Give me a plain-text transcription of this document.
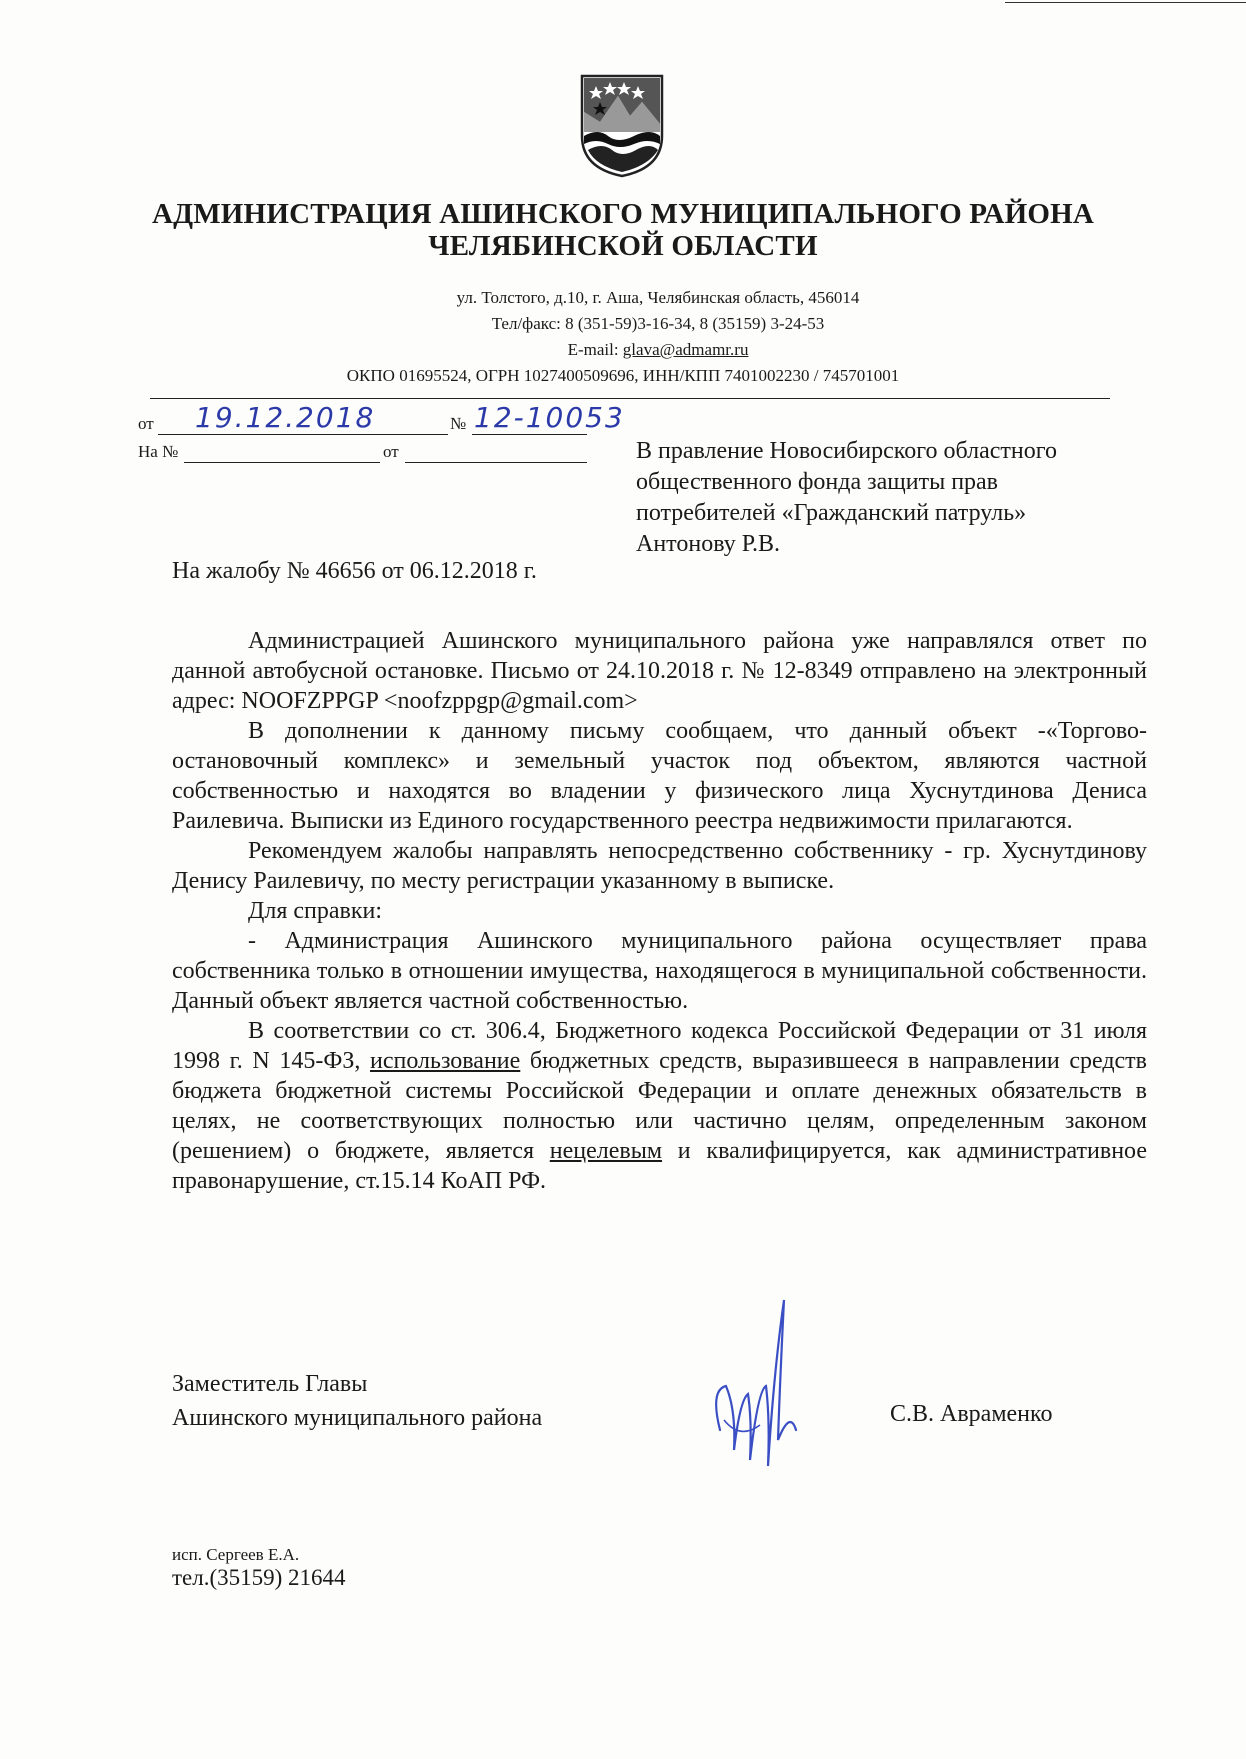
АДМИНИСТРАЦИЯ АШИНСКОГО МУНИЦИПАЛЬНОГО РАЙОНА
ЧЕЛЯБИНСКОЙ ОБЛАСТИ
ул. Толстого, д.10, г. Аша, Челябинская область, 456014
Тел/факс: 8 (351-59)3-16-34, 8 (35159) 3-24-53
E-mail: glava@admamr.ru
ОКПО 01695524, ОГРН 1027400509696, ИНН/КПП 7401002230 / 745701001
от 19.12.2018	№ 12-10053
На №	от	В правление Новосибирского областного
общественного фонда защиты прав
потребителей «Гражданский патруль»
Антонову Р.В.
На жалобу № 46656 от 06.12.2018 г.

Администрацией Ашинского муниципального района уже направлялся ответ по данной автобусной остановке. Письмо от 24.10.2018 г. № 12-8349 отправлено на электронный адрес: NOOFZPPGP <noofzppgp@gmail.com>

В дополнении к данному письму сообщаем, что данный объект -«Торгово-остановочный комплекс» и земельный участок под объектом, являются частной собственностью и находятся во владении у физического лица Хуснутдинова Дениса Раилевича. Выписки из Единого государственного реестра недвижимости прилагаются.

Рекомендуем жалобы направлять непосредственно собственнику - гр. Хуснутдинову Денису Раилевичу, по месту регистрации указанному в выписке.

Для справки:

- Администрация Ашинского муниципального района осуществляет права собственника только в отношении имущества, находящегося в муниципальной собственности. Данный объект является частной собственностью.

В соответствии со ст. 306.4, Бюджетного кодекса Российской Федерации от 31 июля 1998 г. N 145-ФЗ, использование бюджетных средств, выразившееся в направлении средств бюджета бюджетной системы Российской Федерации и оплате денежных обязательств в целях, не соответствующих полностью или частично целям, определенным законом (решением) о бюджете, является нецелевым и квалифицируется, как административное правонарушение, ст.15.14 КоАП РФ.

Заместитель Главы
Ашинского муниципального района	С.В. Авраменко
исп. Сергеев Е.А.
тел.(35159) 21644
